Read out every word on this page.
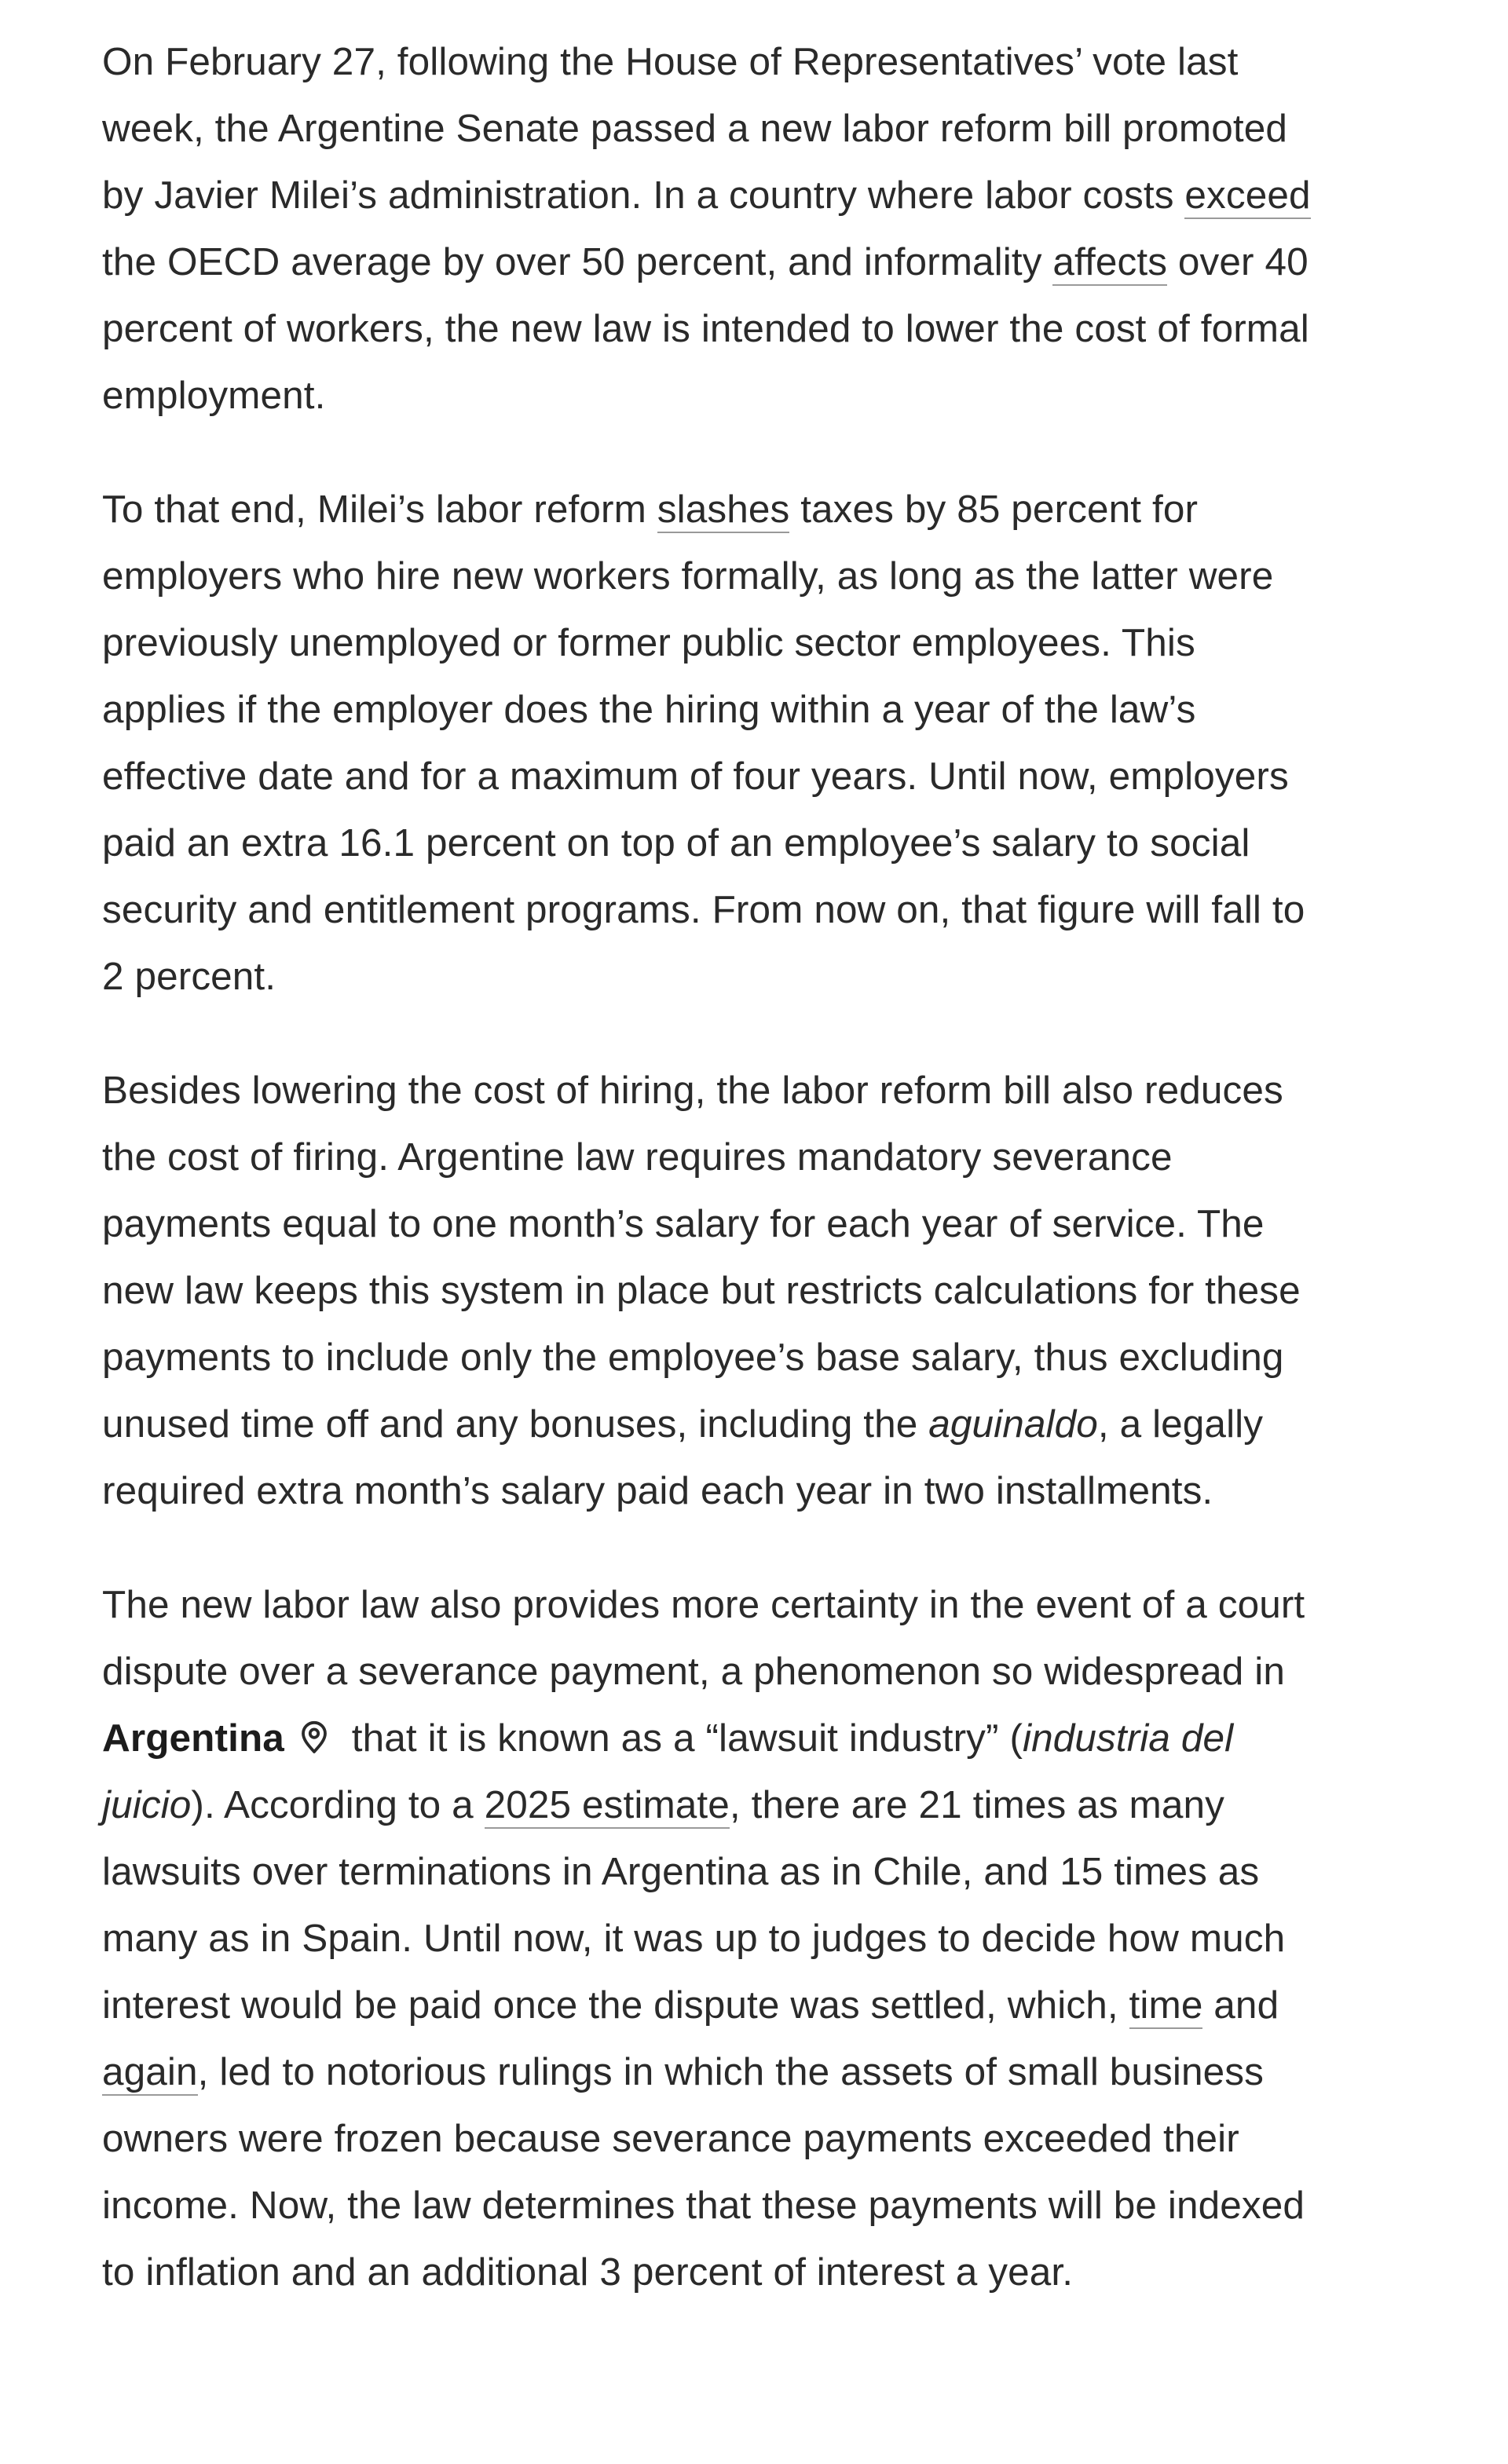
On February 27, following the House of Representatives’ vote last week, the Argentine Senate passed a new labor reform bill promoted by Javier Milei’s administration. In a country where labor costs exceed the OECD average by over 50 percent, and informality affects over 40 percent of workers, the new law is intended to lower the cost of formal employment.

To that end, Milei’s labor reform slashes taxes by 85 percent for employers who hire new workers formally, as long as the latter were previously unemployed or former public sector employees. This applies if the employer does the hiring within a year of the law’s effective date and for a maximum of four years. Until now, employers paid an extra 16.1 percent on top of an employee’s salary to social security and entitlement programs. From now on, that figure will fall to 2 percent.

Besides lowering the cost of hiring, the labor reform bill also reduces the cost of firing. Argentine law requires mandatory severance payments equal to one month’s salary for each year of service. The new law keeps this system in place but restricts calculations for these payments to include only the employee’s base salary, thus excluding unused time off and any bonuses, including the aguinaldo, a legally required extra month’s salary paid each year in two installments.

The new labor law also provides more certainty in the event of a court dispute over a severance payment, a phenomenon so widespread in Argentina that it is known as a “lawsuit industry” (industria del juicio). According to a 2025 estimate, there are 21 times as many lawsuits over terminations in Argentina as in Chile, and 15 times as many as in Spain. Until now, it was up to judges to decide how much interest would be paid once the dispute was settled, which, time and again, led to notorious rulings in which the assets of small business owners were frozen because severance payments exceeded their income. Now, the law determines that these payments will be indexed to inflation and an additional 3 percent of interest a year.
